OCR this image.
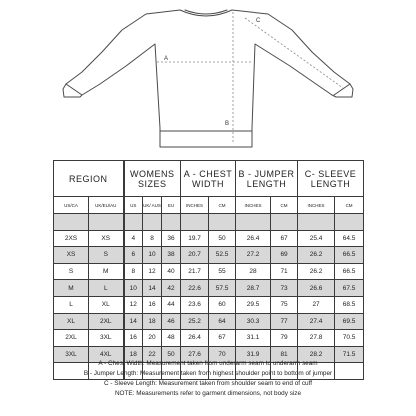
A
B
C
REGION		WOMENS SIZES			A - CHEST WIDTH		B - JUMPER LENGTH		C- SLEEVE LENGTH	
US/CA	UK/EU/AU	US	UK/ AUS	EU	INCHES	CM	INCHES	CM	INCHES	CM

2XS	XS	4	8	36	19.7	50	26.4	67	25.4	64.5
XS	S	6	10	38	20.7	52.5	27.2	69	26.2	66.5
S	M	8	12	40	21.7	55	28	71	26.2	66.5
M	L	10	14	42	22.6	57.5	28.7	73	26.6	67.5
L	XL	12	16	44	23.6	60	29.5	75	27	68.5
XL	2XL	14	18	46	25.2	64	30.3	77	27.4	69.5
2XL	3XL	16	20	48	26.4	67	31.1	79	27.8	70.5
3XL	4XL	18	22	50	27.6	70	31.9	81	28.2	71.5

A - Chest Width: Measurement taken from underarm seam to underarm seam
B - Jumper Length: Measurement taken from highest shoulder point to bottom of jumper
C - Sleeve Length: Measurement taken from shoulder seam to end of cuff
NOTE: Measurements refer to garment dimensions, not body size
